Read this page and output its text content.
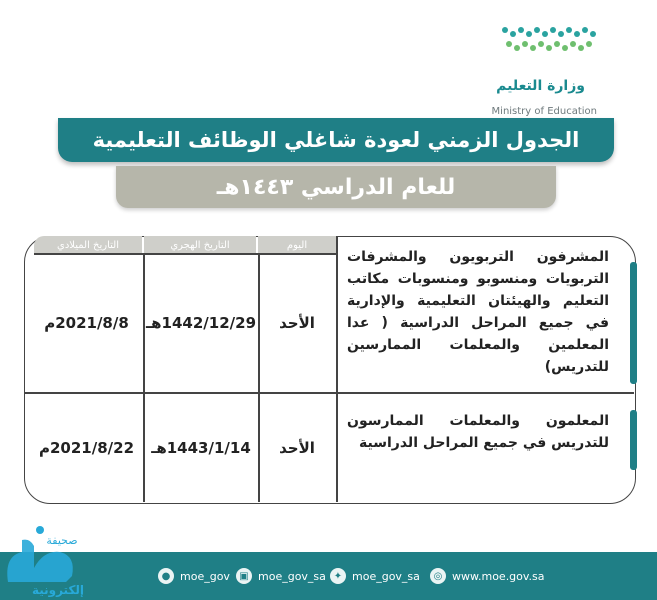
وزارة التعليم
Ministry of Education
الجدول الزمني لعودة شاغلي الوظائف التعليمية
للعام الدراسي ١٤٤٣هـ
اليوم
التاريخ الهجري
التاريخ الميلادي
المشرفون التربويون والمشرفات التربويات ومنسوبو ومنسوبات مكاتب التعليم والهيئتان التعليمية والإدارية في جميع المراحل الدراسية ( عدا المعلمين والمعلمات الممارسين للتدريس)
الأحد
1442/12/29هـ
2021/8/8م
المعلمون والمعلمات الممارسون للتدريس في جميع المراحل الدراسية
الأحد
1443/1/14هـ
2021/8/22م
◎ www.moe.gov.sa
✦ moe_gov_sa
▣ moe_gov_sa
● moe_gov
صحيفة
إلكترونية
